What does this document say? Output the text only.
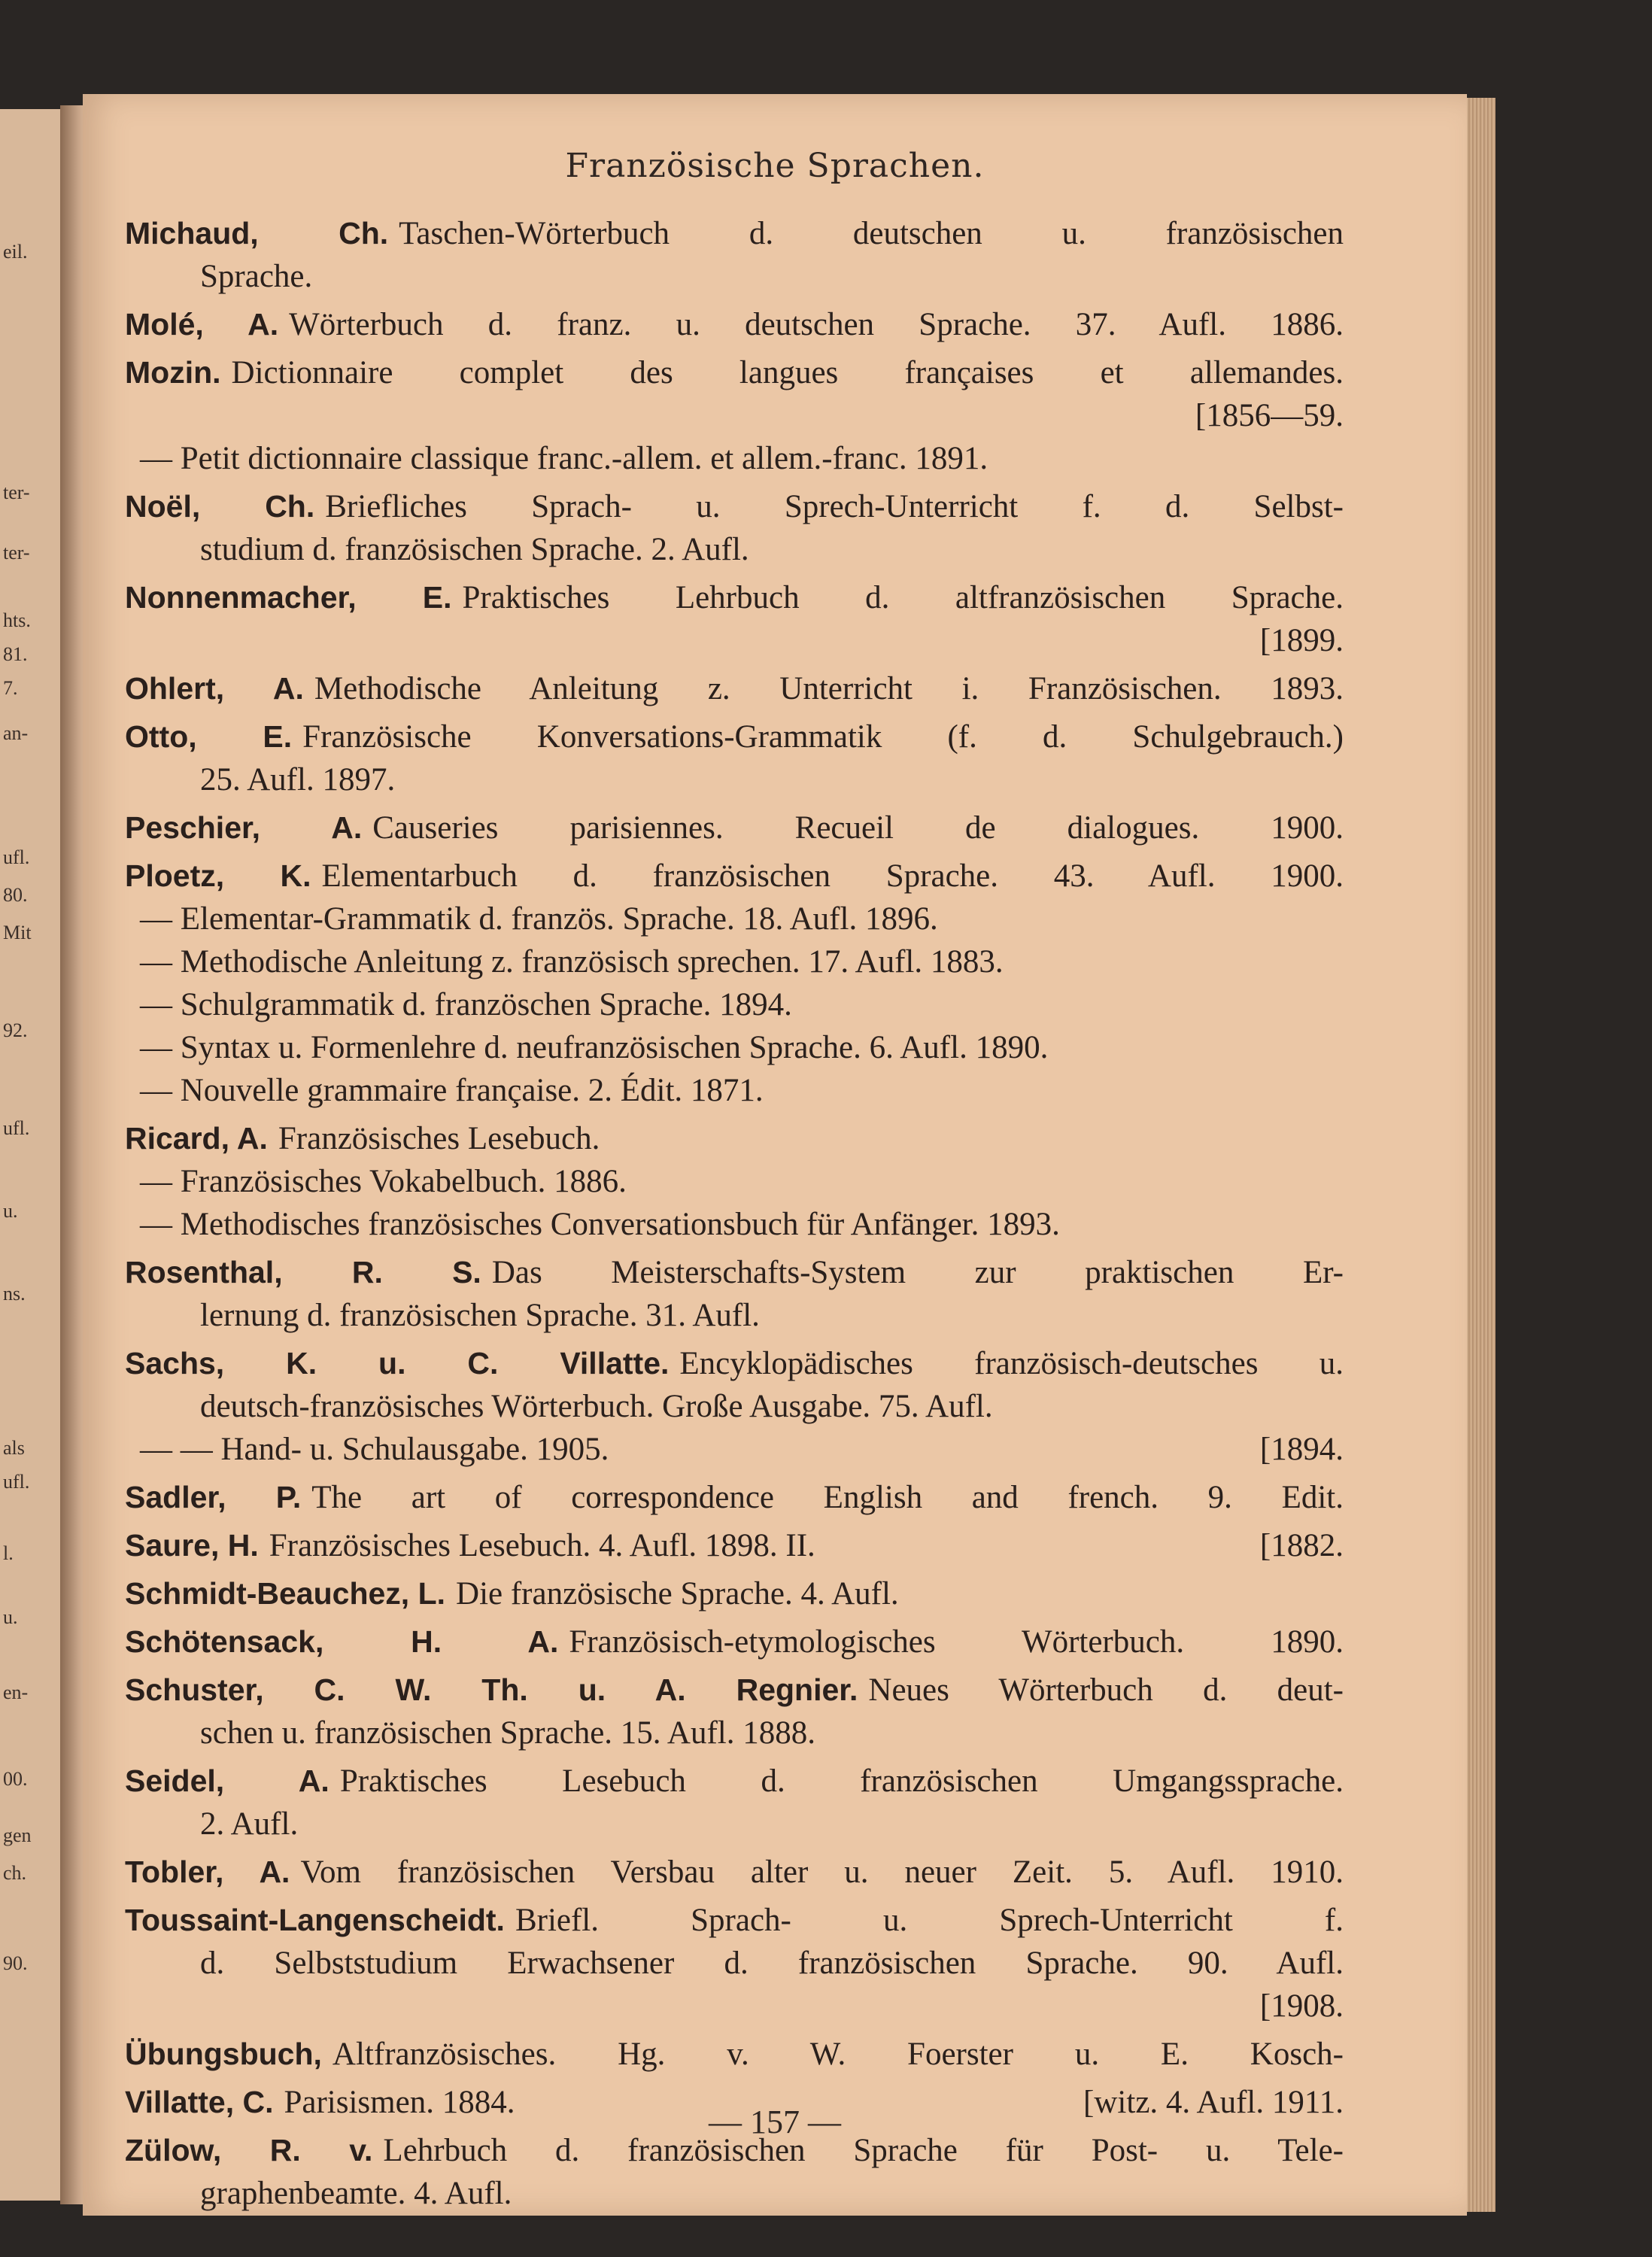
eil.
ter-
ter-
hts.
81.
7.
an-
ufl.
80.
Mit
92.
ufl.
u.
ns.
als
ufl.
l.
u.
en-
00.
gen
ch.
90.
Französische Sprachen.
Michaud, Ch. Taschen-Wörterbuch d. deutschen u. französischen
Sprache.
Molé, A. Wörterbuch d. franz. u. deutschen Sprache. 37. Aufl. 1886.
Mozin. Dictionnaire complet des langues françaises et allemandes.
[1856—59.
— Petit dictionnaire classique franc.-allem. et allem.-franc. 1891.
Noël, Ch. Briefliches Sprach- u. Sprech-Unterricht f. d. Selbst-
studium d. französischen Sprache. 2. Aufl.
Nonnenmacher, E. Praktisches Lehrbuch d. altfranzösischen Sprache.
[1899.
Ohlert, A. Methodische Anleitung z. Unterricht i. Französischen. 1893.
Otto, E. Französische Konversations-Grammatik (f. d. Schulgebrauch.)
25. Aufl. 1897.
Peschier, A. Causeries parisiennes. Recueil de dialogues. 1900.
Ploetz, K. Elementarbuch d. französischen Sprache. 43. Aufl. 1900.
— Elementar-Grammatik d. französ. Sprache. 18. Aufl. 1896.
— Methodische Anleitung z. französisch sprechen. 17. Aufl. 1883.
— Schulgrammatik d. französchen Sprache. 1894.
— Syntax u. Formenlehre d. neufranzösischen Sprache. 6. Aufl. 1890.
— Nouvelle grammaire française. 2. Édit. 1871.
Ricard, A. Französisches Lesebuch.
— Französisches Vokabelbuch. 1886.
— Methodisches französisches Conversationsbuch für Anfänger. 1893.
Rosenthal, R. S. Das Meisterschafts-System zur praktischen Er-
lernung d. französischen Sprache. 31. Aufl.
Sachs, K. u. C. Villatte. Encyklopädisches französisch-deutsches u.
deutsch-französisches Wörterbuch. Große Ausgabe. 75. Aufl.
— — Hand- u. Schulausgabe. 1905.	[1894.
Sadler, P. The art of correspondence English and french. 9. Edit.
Saure, H. Französisches Lesebuch. 4. Aufl. 1898. II.	[1882.
Schmidt-Beauchez, L. Die französische Sprache. 4. Aufl.
Schötensack, H. A. Französisch-etymologisches Wörterbuch. 1890.
Schuster, C. W. Th. u. A. Regnier. Neues Wörterbuch d. deut-
schen u. französischen Sprache. 15. Aufl. 1888.
Seidel, A. Praktisches Lesebuch d. französischen Umgangssprache.
2. Aufl.
Tobler, A. Vom französischen Versbau alter u. neuer Zeit. 5. Aufl. 1910.
Toussaint-Langenscheidt. Briefl. Sprach- u. Sprech-Unterricht f.
d. Selbststudium Erwachsener d. französischen Sprache. 90. Aufl.
[1908.
Übungsbuch, Altfranzösisches. Hg. v. W. Foerster u. E. Kosch-
Villatte, C. Parisismen. 1884.	[witz. 4. Aufl. 1911.
Zülow, R. v. Lehrbuch d. französischen Sprache für Post- u. Tele-
graphenbeamte. 4. Aufl.
— 157 —
